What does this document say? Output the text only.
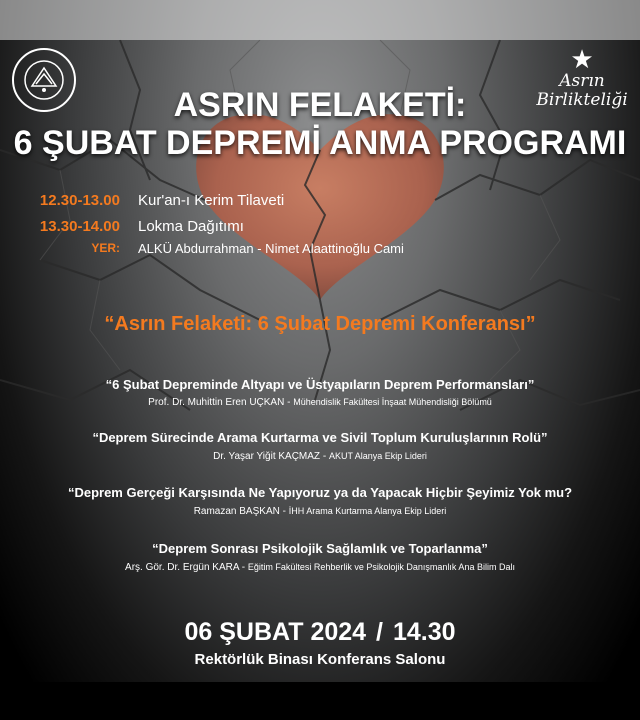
★
Asrın
Birlikteliği
ASRIN FELAKETİ:
6 ŞUBAT DEPREMİ ANMA PROGRAMI
12.30-13.00 Kur'an-ı Kerim Tilaveti
13.30-14.00 Lokma Dağıtımı
YER: ALKÜ Abdurrahman - Nimet Alaattinoğlu Cami
“Asrın Felaketi: 6 Şubat Depremi Konferansı”
“6 Şubat Depreminde Altyapı ve Üstyapıların Deprem Performansları”
Prof. Dr. Muhittin Eren UÇKAN - Mühendislik Fakültesi İnşaat Mühendisliği Bölümü
“Deprem Sürecinde Arama Kurtarma ve Sivil Toplum Kuruluşlarının Rolü”
Dr. Yaşar Yiğit KAÇMAZ - AKUT Alanya Ekip Lideri
“Deprem Gerçeği Karşısında Ne Yapıyoruz ya da Yapacak Hiçbir Şeyimiz Yok mu?
Ramazan BAŞKAN - İHH Arama Kurtarma Alanya Ekip Lideri
“Deprem Sonrası Psikolojik Sağlamlık ve Toparlanma”
Arş. Gör. Dr. Ergün KARA - Eğitim Fakültesi Rehberlik ve Psikolojik Danışmanlık Ana Bilim Dalı
06 ŞUBAT 2024 / 14.30
Rektörlük Binası Konferans Salonu
